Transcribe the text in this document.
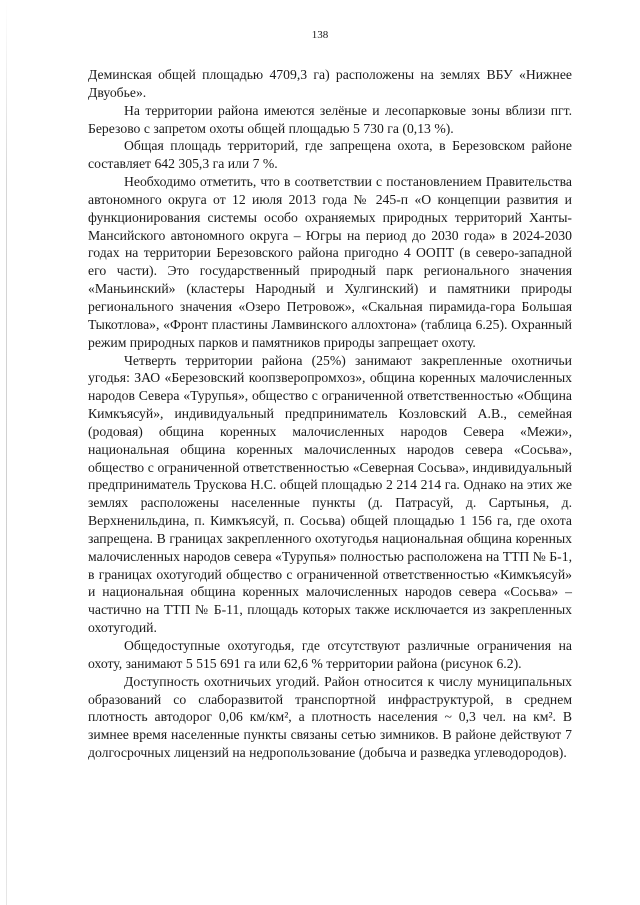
138

Деминская общей площадью 4709,3 га) расположены на землях ВБУ «Нижнее Двуобье».

На территории района имеются зелёные и лесопарковые зоны вблизи пгт. Березово с запретом охоты общей площадью 5 730 га (0,13 %).

Общая площадь территорий, где запрещена охота, в Березовском районе составляет 642 305,3 га или 7 %.

Необходимо отметить, что в соответствии с постановлением Правительства автономного округа от 12 июля 2013 года № 245-п «О концепции развития и функционирования системы особо охраняемых природных территорий Ханты-Мансийского автономного округа – Югры на период до 2030 года» в 2024-2030 годах на территории Березовского района пригодно 4 ООПТ (в северо-западной его части). Это государственный природный парк регионального значения «Маньинский» (кластеры Народный и Хулгинский) и памятники природы регионального значения «Озеро Петровож», «Скальная пирамида-гора Большая Тыкотлова», «Фронт пластины Ламвинского аллохтона» (таблица 6.25). Охранный режим природных парков и памятников природы запрещает охоту.

Четверть территории района (25%) занимают закрепленные охотничьи угодья: ЗАО «Березовский коопзверопромхоз», община коренных малочисленных народов Севера «Турупья», общество с ограниченной ответственностью «Община Кимкъясуй», индивидуальный предприниматель Козловский А.В., семейная (родовая) община коренных малочисленных народов Севера «Межи», национальная община коренных малочисленных народов севера «Сосьва», общество с ограниченной ответственностью «Северная Сосьва», индивидуальный предприниматель Трускова Н.С. общей площадью 2 214 214 га. Однако на этих же землях расположены населенные пункты (д. Патрасуй, д. Сартынья, д. Верхненильдина, п. Кимкъясуй, п. Сосьва) общей площадью 1 156 га, где охота запрещена. В границах закрепленного охотугодья национальная община коренных малочисленных народов севера «Турупья» полностью расположена на ТТП № Б-1, в границах охотугодий общество с ограниченной ответственностью «Кимкъясуй» и национальная община коренных малочисленных народов севера «Сосьва» – частично на ТТП № Б-11, площадь которых также исключается из закрепленных охотугодий.

Общедоступные охотугодья, где отсутствуют различные ограничения на охоту, занимают 5 515 691 га или 62,6 % территории района (рисунок 6.2).

Доступность охотничьих угодий. Район относится к числу муниципальных образований со слаборазвитой транспортной инфраструктурой, в среднем плотность автодорог 0,06 км/км², а плотность населения ~ 0,3 чел. на км². В зимнее время населенные пункты связаны сетью зимников. В районе действуют 7 долгосрочных лицензий на недропользование (добыча и разведка углеводородов).
